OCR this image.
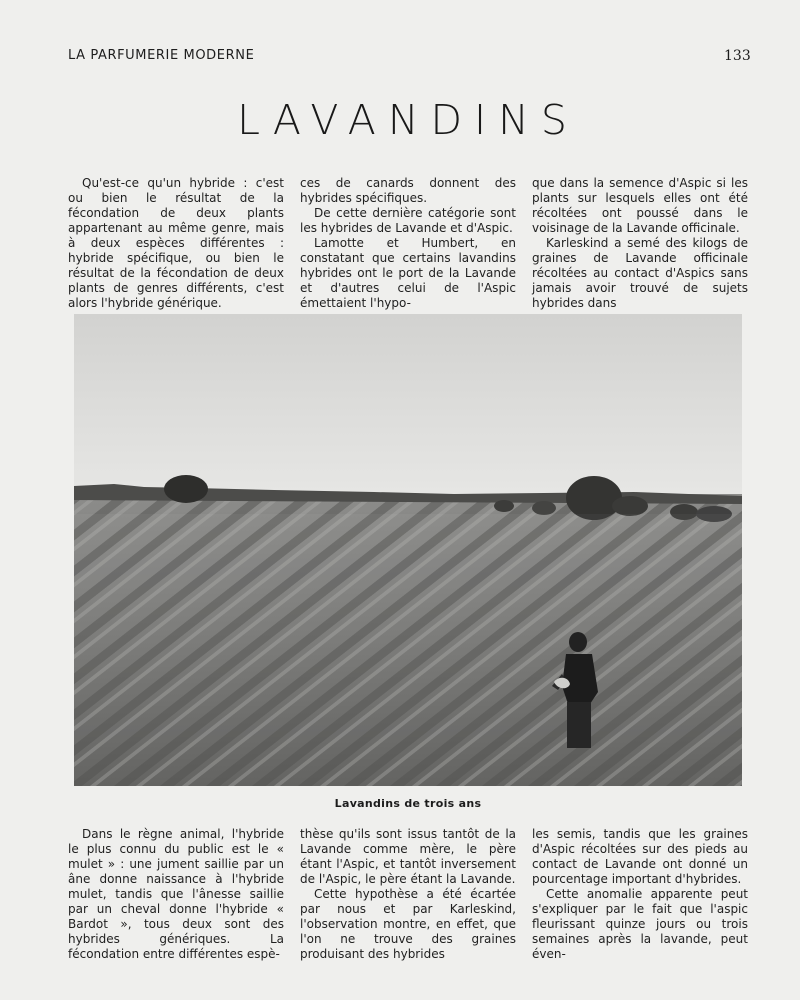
LA PARFUMERIE MODERNE	133
LAVANDINS

Qu'est-ce qu'un hybride : c'est ou bien le résultat de la fécondation de deux plants appartenant au même genre, mais à deux espèces différentes : hybride spécifique, ou bien le résultat de la fécondation de deux plants de genres différents, c'est alors l'hybride générique.

ces de canards donnent des hybrides spécifiques.

De cette dernière catégorie sont les hybrides de Lavande et d'Aspic.

Lamotte et Humbert, en constatant que certains lavandins hybrides ont le port de la Lavande et d'autres celui de l'Aspic émettaient l'hypo-

que dans la semence d'Aspic si les plants sur lesquels elles ont été récoltées ont poussé dans le voisinage de la Lavande officinale.

Karleskind a semé des kilogs de graines de Lavande officinale récoltées au contact d'Aspics sans jamais avoir trouvé de sujets hybrides dans

Lavandins de trois ans

Dans le règne animal, l'hybride le plus connu du public est le « mulet » : une jument saillie par un âne donne naissance à l'hybride mulet, tandis que l'ânesse saillie par un cheval donne l'hybride « Bardot », tous deux sont des hybrides génériques. La fécondation entre différentes espè-

thèse qu'ils sont issus tantôt de la Lavande comme mère, le père étant l'Aspic, et tantôt inversement de l'Aspic, le père étant la Lavande.

Cette hypothèse a été écartée par nous et par Karleskind, l'observation montre, en effet, que l'on ne trouve des graines produisant des hybrides

les semis, tandis que les graines d'Aspic récoltées sur des pieds au contact de Lavande ont donné un pourcentage important d'hybrides.

Cette anomalie apparente peut s'expliquer par le fait que l'aspic fleurissant quinze jours ou trois semaines après la lavande, peut éven-
